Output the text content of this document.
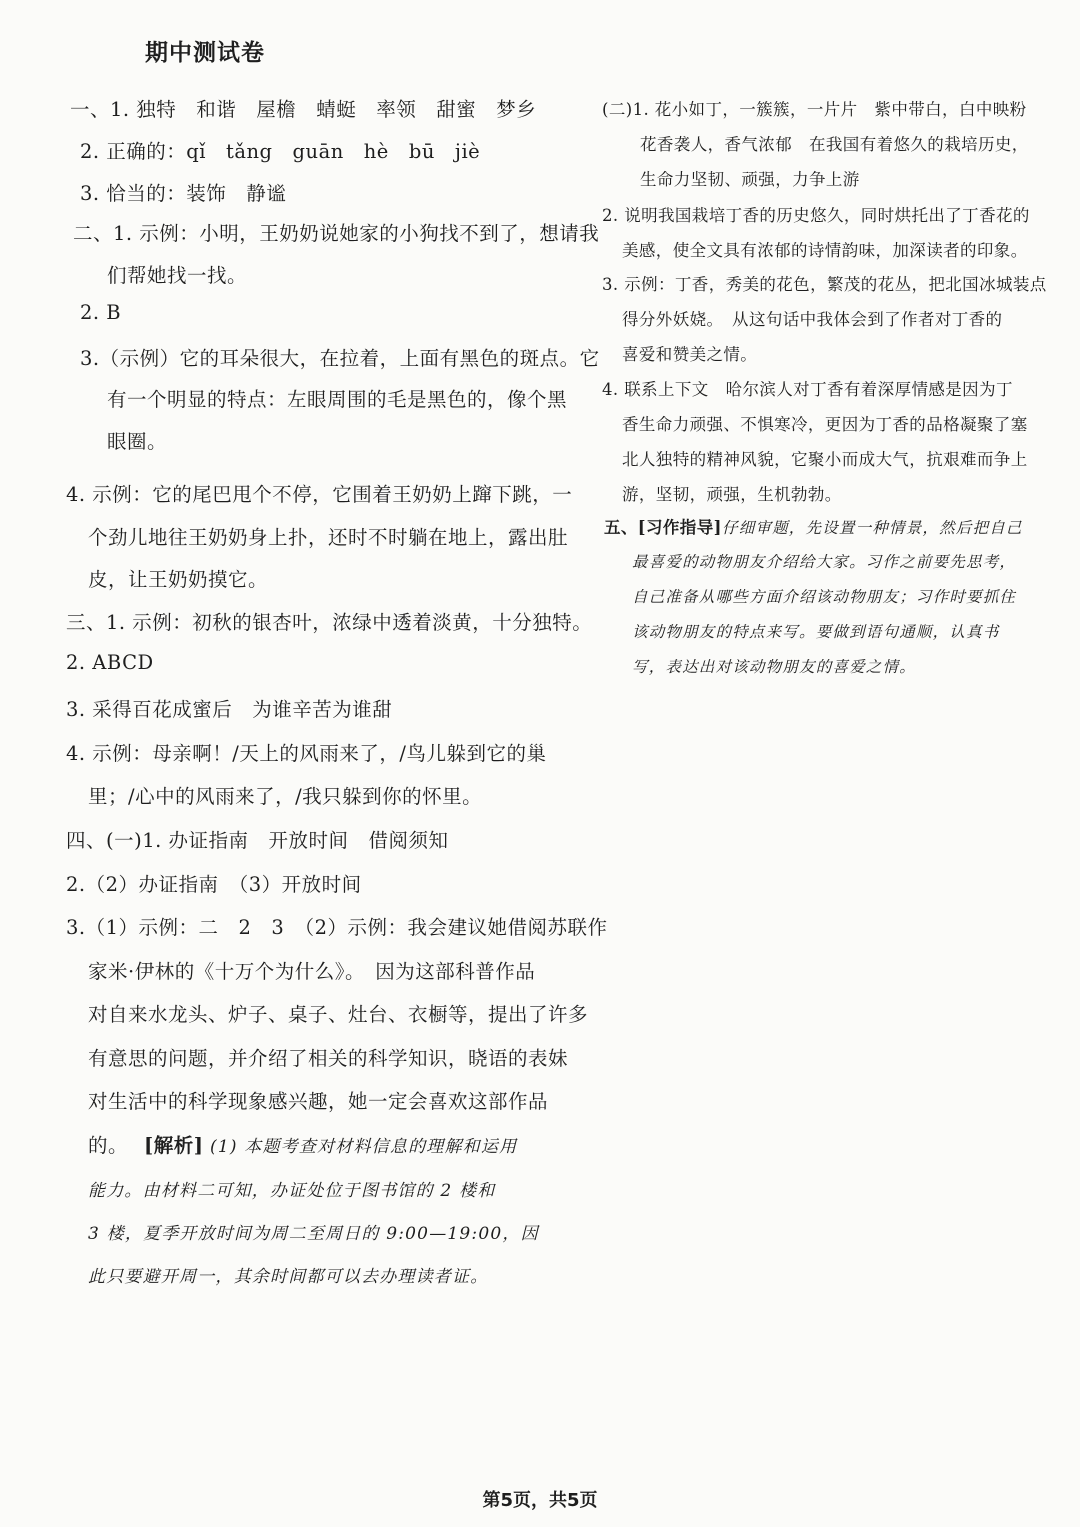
期中测试卷
一、1. 独特　和谐　屋檐　蜻蜓　率领　甜蜜　梦乡
2. 正确的：qǐ　tǎng　guān　hè　bū　jiè
3. 恰当的：装饰　静谧
二、1. 示例：小明，王奶奶说她家的小狗找不到了，想请我
们帮她找一找。
2. B
3.（示例）它的耳朵很大，在拉着，上面有黑色的斑点。它
有一个明显的特点：左眼周围的毛是黑色的，像个黑
眼圈。
4. 示例：它的尾巴甩个不停，它围着王奶奶上蹿下跳，一
个劲儿地往王奶奶身上扑，还时不时躺在地上，露出肚
皮，让王奶奶摸它。
三、1. 示例：初秋的银杏叶，浓绿中透着淡黄，十分独特。
2. ABCD
3. 采得百花成蜜后　为谁辛苦为谁甜
4. 示例：母亲啊！/天上的风雨来了，/鸟儿躲到它的巢
里；/心中的风雨来了，/我只躲到你的怀里。
四、(一)1. 办证指南　开放时间　借阅须知
2.（2）办证指南　（3）开放时间
3.（1）示例：二　2　3　（2）示例：我会建议她借阅苏联作
家米·伊林的《十万个为什么》。　因为这部科普作品
对自来水龙头、炉子、桌子、灶台、衣橱等，提出了许多
有意思的问题，并介绍了相关的科学知识，晓语的表妹
对生活中的科学现象感兴趣，她一定会喜欢这部作品
的。 [解析] (1) 本题考查对材料信息的理解和运用
能力。由材料二可知，办证处位于图书馆的 2 楼和
3 楼，夏季开放时间为周二至周日的 9:00—19:00，因
此只要避开周一，其余时间都可以去办理读者证。
(二)1. 花小如丁，一簇簇，一片片　紫中带白，白中映粉
花香袭人，香气浓郁　在我国有着悠久的栽培历史，
生命力坚韧、顽强，力争上游
2. 说明我国栽培丁香的历史悠久，同时烘托出了丁香花的
美感，使全文具有浓郁的诗情韵味，加深读者的印象。
3. 示例：丁香，秀美的花色，繁茂的花丛，把北国冰城装点
得分外妖娆。　从这句话中我体会到了作者对丁香的
喜爱和赞美之情。
4. 联系上下文　哈尔滨人对丁香有着深厚情感是因为丁
香生命力顽强、不惧寒冷，更因为丁香的品格凝聚了塞
北人独特的精神风貌，它聚小而成大气，抗艰难而争上
游，坚韧，顽强，生机勃勃。
五、[习作指导] 仔细审题，先设置一种情景，然后把自己
最喜爱的动物朋友介绍给大家。习作之前要先思考，
自己准备从哪些方面介绍该动物朋友；习作时要抓住
该动物朋友的特点来写。要做到语句通顺，认真书
写，表达出对该动物朋友的喜爱之情。
第5页，共5页
